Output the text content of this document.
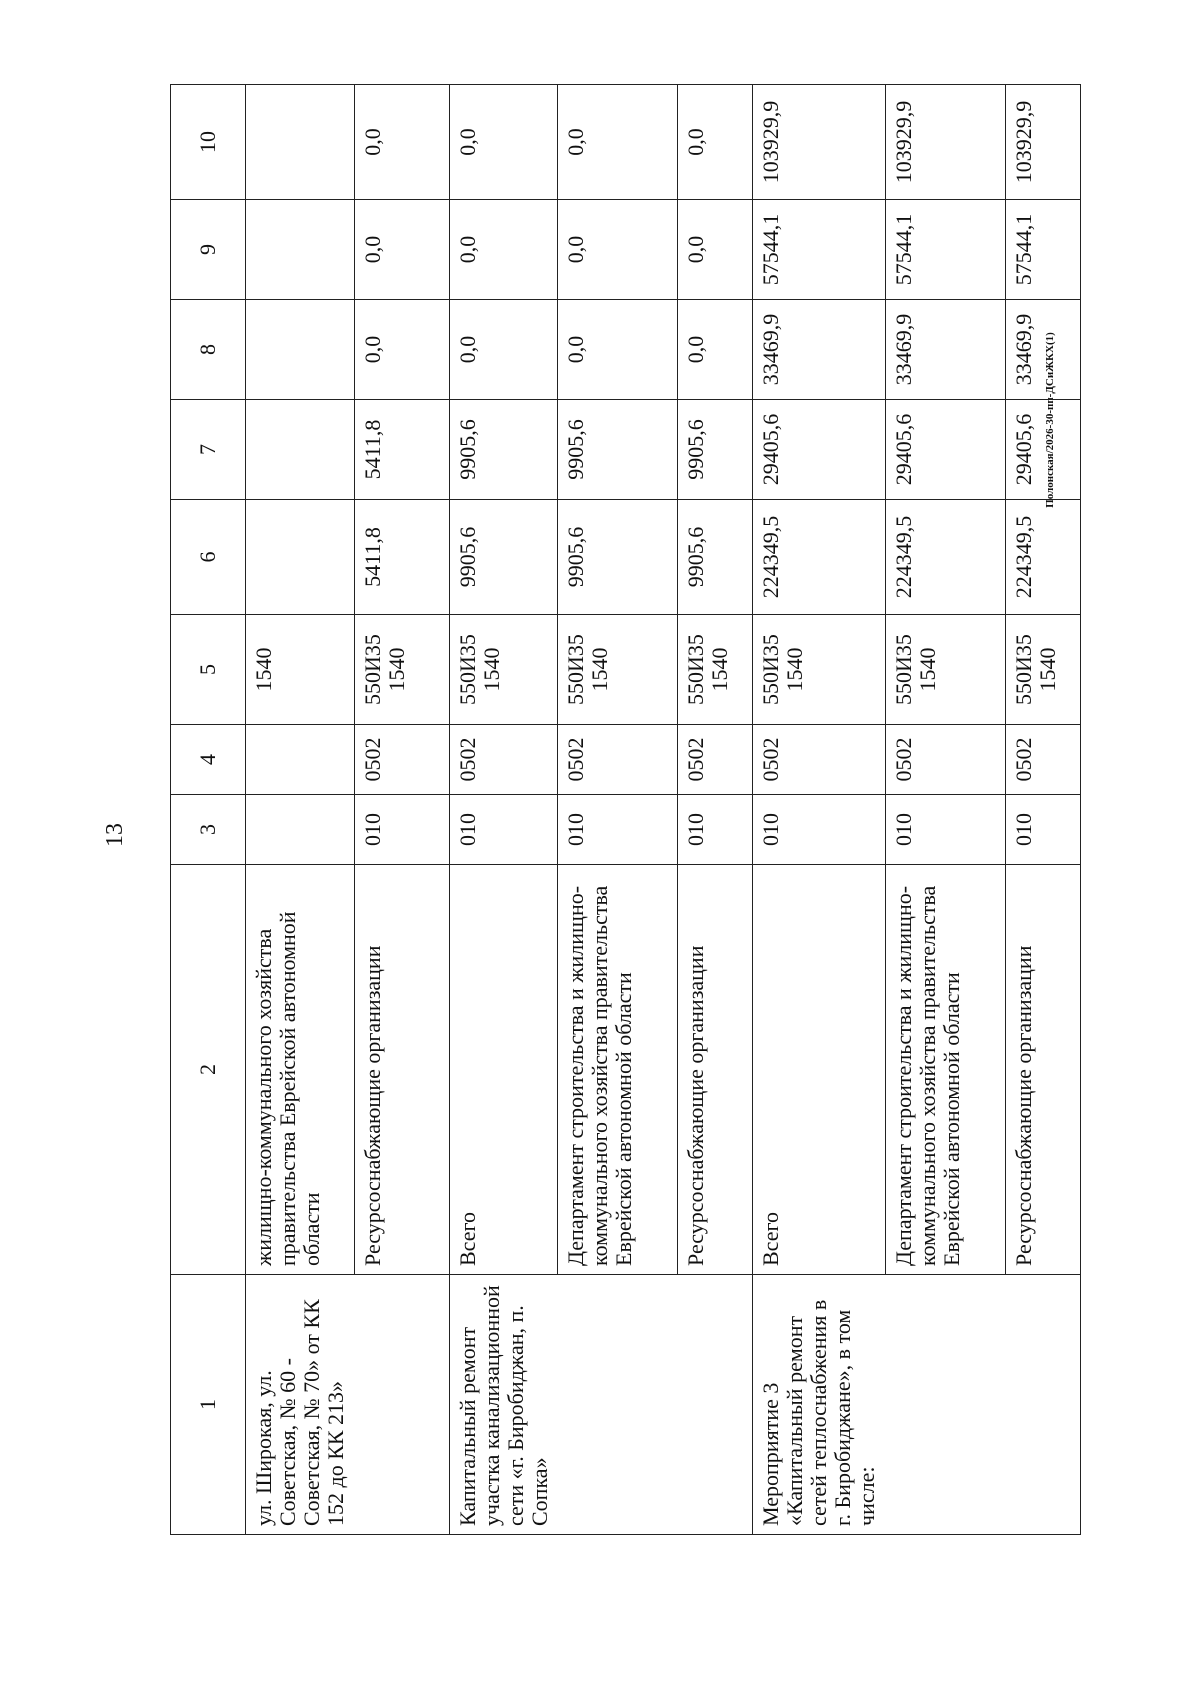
13
Полонская/2026-30-пп-ДСиЖКХ(1)
1	2	3	4	5	6	7	8	9	10
ул. Широкая, ул. Советская, № 60 - Советская, № 70» от КК 152 до КК 213»	жилищно-коммунального хозяйства правительства Еврейской автономной области			1540					
	Ресурсоснабжающие организации	010	0502	550И35 1540	5411,8	5411,8	0,0	0,0	0,0
Капитальный ремонт участка канализационной сети «г. Биробиджан, п. Сопка»	Всего	010	0502	550И35 1540	9905,6	9905,6	0,0	0,0	0,0
	Департамент строительства и жилищно-коммунального хозяйства правительства Еврейской автономной области	010	0502	550И35 1540	9905,6	9905,6	0,0	0,0	0,0
	Ресурсоснабжающие организации	010	0502	550И35 1540	9905,6	9905,6	0,0	0,0	0,0
Мероприятие 3 «Капитальный ремонт сетей теплоснабжения в г. Биробиджане», в том числе:	Всего	010	0502	550И35 1540	224349,5	29405,6	33469,9	57544,1	103929,9
	Департамент строительства и жилищно-коммунального хозяйства правительства Еврейской автономной области	010	0502	550И35 1540	224349,5	29405,6	33469,9	57544,1	103929,9
	Ресурсоснабжающие организации	010	0502	550И35 1540	224349,5	29405,6	33469,9	57544,1	103929,9
